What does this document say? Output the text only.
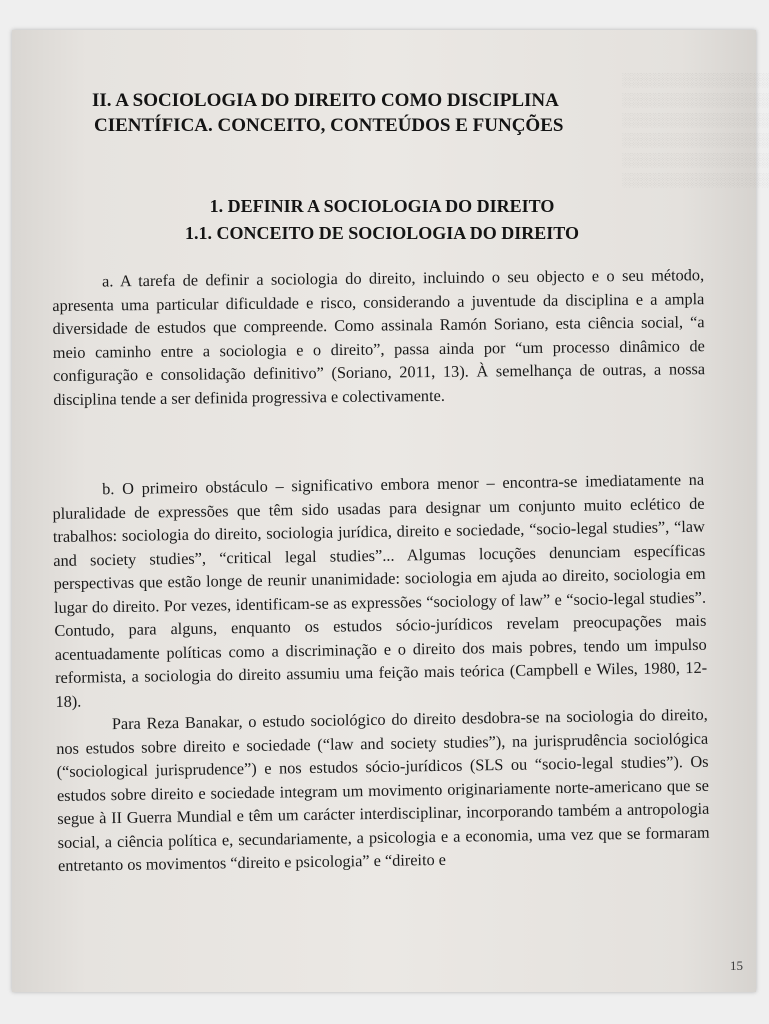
░░░░░░░░░░░░░░░░
░░░░░░░░░░░░░░░░
░░░░░░░░░░░░░░░░
░░░░░░░░░░░░░░░░
░░░░░░░░░░░░░░░░
░░░░░░░░░░░░░░░░
II. A SOCIOLOGIA DO DIREITO COMO DISCIPLINA
CIENTÍFICA. CONCEITO, CONTEÚDOS E FUNÇÕES
1. DEFINIR A SOCIOLOGIA DO DIREITO
1.1. CONCEITO DE SOCIOLOGIA DO DIREITO

a. A tarefa de definir a sociologia do direito, incluindo o seu objecto e o seu método, apresenta uma particular dificuldade e risco, considerando a juventude da disciplina e a ampla diversidade de estudos que compreende. Como assinala Ramón Soriano, esta ciência social, “a meio caminho entre a sociologia e o direito”, passa ainda por “um processo dinâmico de configuração e consolidação definitivo” (Soriano, 2011, 13). À semelhança de outras, a nossa disciplina tende a ser definida progressiva e colectivamente.

b. O primeiro obstáculo – significativo embora menor – encontra-se imediatamente na pluralidade de expressões que têm sido usadas para designar um conjunto muito eclético de trabalhos: sociologia do direito, sociologia jurídica, direito e sociedade, “socio-legal studies”, “law and society studies”, “critical legal studies”... Algumas locuções denunciam específicas perspectivas que estão longe de reunir unanimidade: sociologia em ajuda ao direito, sociologia em lugar do direito. Por vezes, identificam-se as expressões “sociology of law” e “socio-legal studies”. Contudo, para alguns, enquanto os estudos sócio-jurídicos revelam preocupações mais acentuadamente políticas como a discriminação e o direito dos mais pobres, tendo um impulso reformista, a sociologia do direito assumiu uma feição mais teórica (Campbell e Wiles, 1980, 12-18).

Para Reza Banakar, o estudo sociológico do direito desdobra-se na sociologia do direito, nos estudos sobre direito e sociedade (“law and society studies”), na jurisprudência sociológica (“sociological jurisprudence”) e nos estudos sócio-jurídicos (SLS ou “socio-legal studies”). Os estudos sobre direito e sociedade integram um movimento originariamente norte-americano que se segue à II Guerra Mundial e têm um carácter interdisciplinar, incorporando também a antropologia social, a ciência política e, secundariamente, a psicologia e a economia, uma vez que se formaram entretanto os movimentos “direito e psicologia” e “direito e

15
